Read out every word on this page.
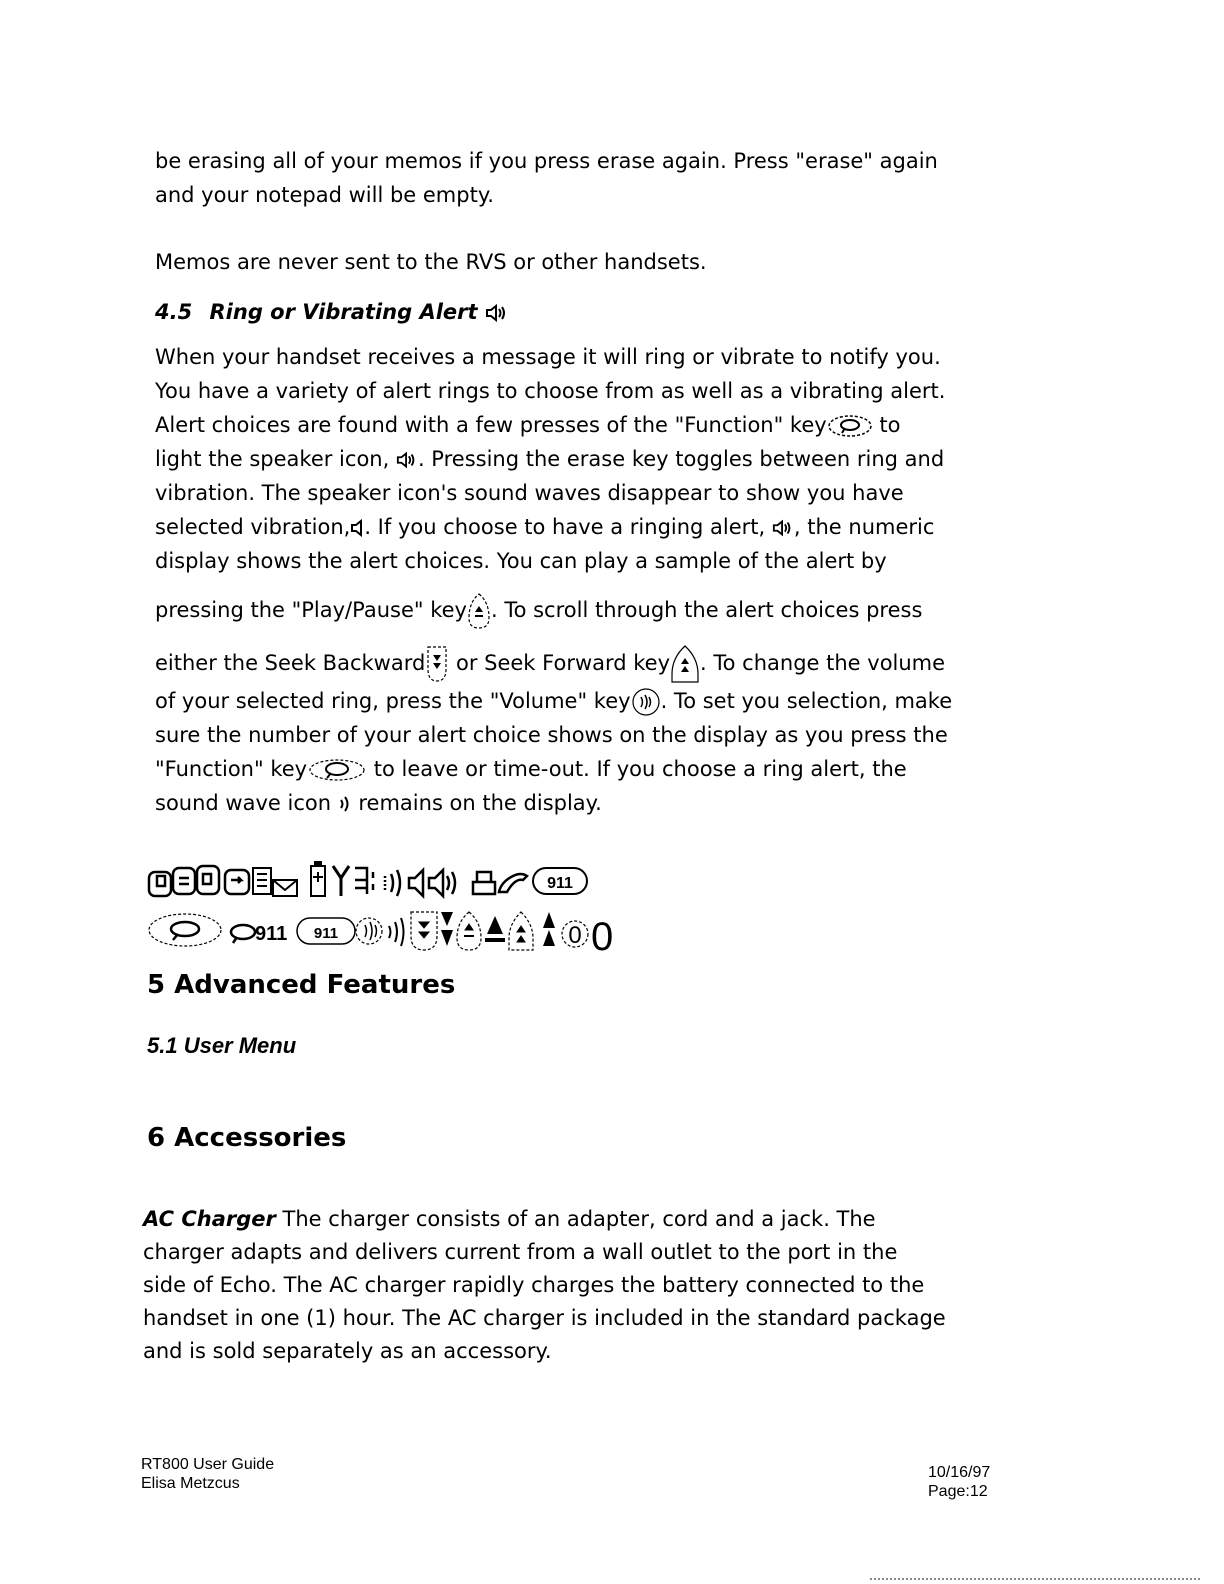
be erasing all of your memos if you press erase again. Press "erase" again
and your notepad will be empty.

Memos are never sent to the RVS or other handsets.

4.5 Ring or Vibrating Alert
When your handset receives a message it will ring or vibrate to notify you.
You have a variety of alert rings to choose from as well as a vibrating alert.
Alert choices are found with a few presses of the "Function" key to
light the speaker icon, . Pressing the erase key toggles between ring and
vibration. The speaker icon's sound waves disappear to show you have
selected vibration, . If you choose to have a ringing alert, , the numeric
display shows the alert choices. You can play a sample of the alert by
pressing the "Play/Pause" key . To scroll through the alert choices press
either the Seek Backward or Seek Forward key . To change the volume
of your selected ring, press the "Volume" key . To set you selection, make
sure the number of your alert choice shows on the display as you press the
"Function" key	to leave or time-out. If you choose a ring alert, the
sound wave icon  remains on the display.
911
911 911	0 0
5 Advanced Features
5.1 User Menu
6 Accessories
AC Charger The charger consists of an adapter, cord and a jack. The
charger adapts and delivers current from a wall outlet to the port in the
side of Echo. The AC charger rapidly charges the battery connected to the
handset in one (1) hour. The AC charger is included in the standard package
and is sold separately as an accessory.
RT800 User Guide
Elisa Metzcus
10/16/97
Page:12
